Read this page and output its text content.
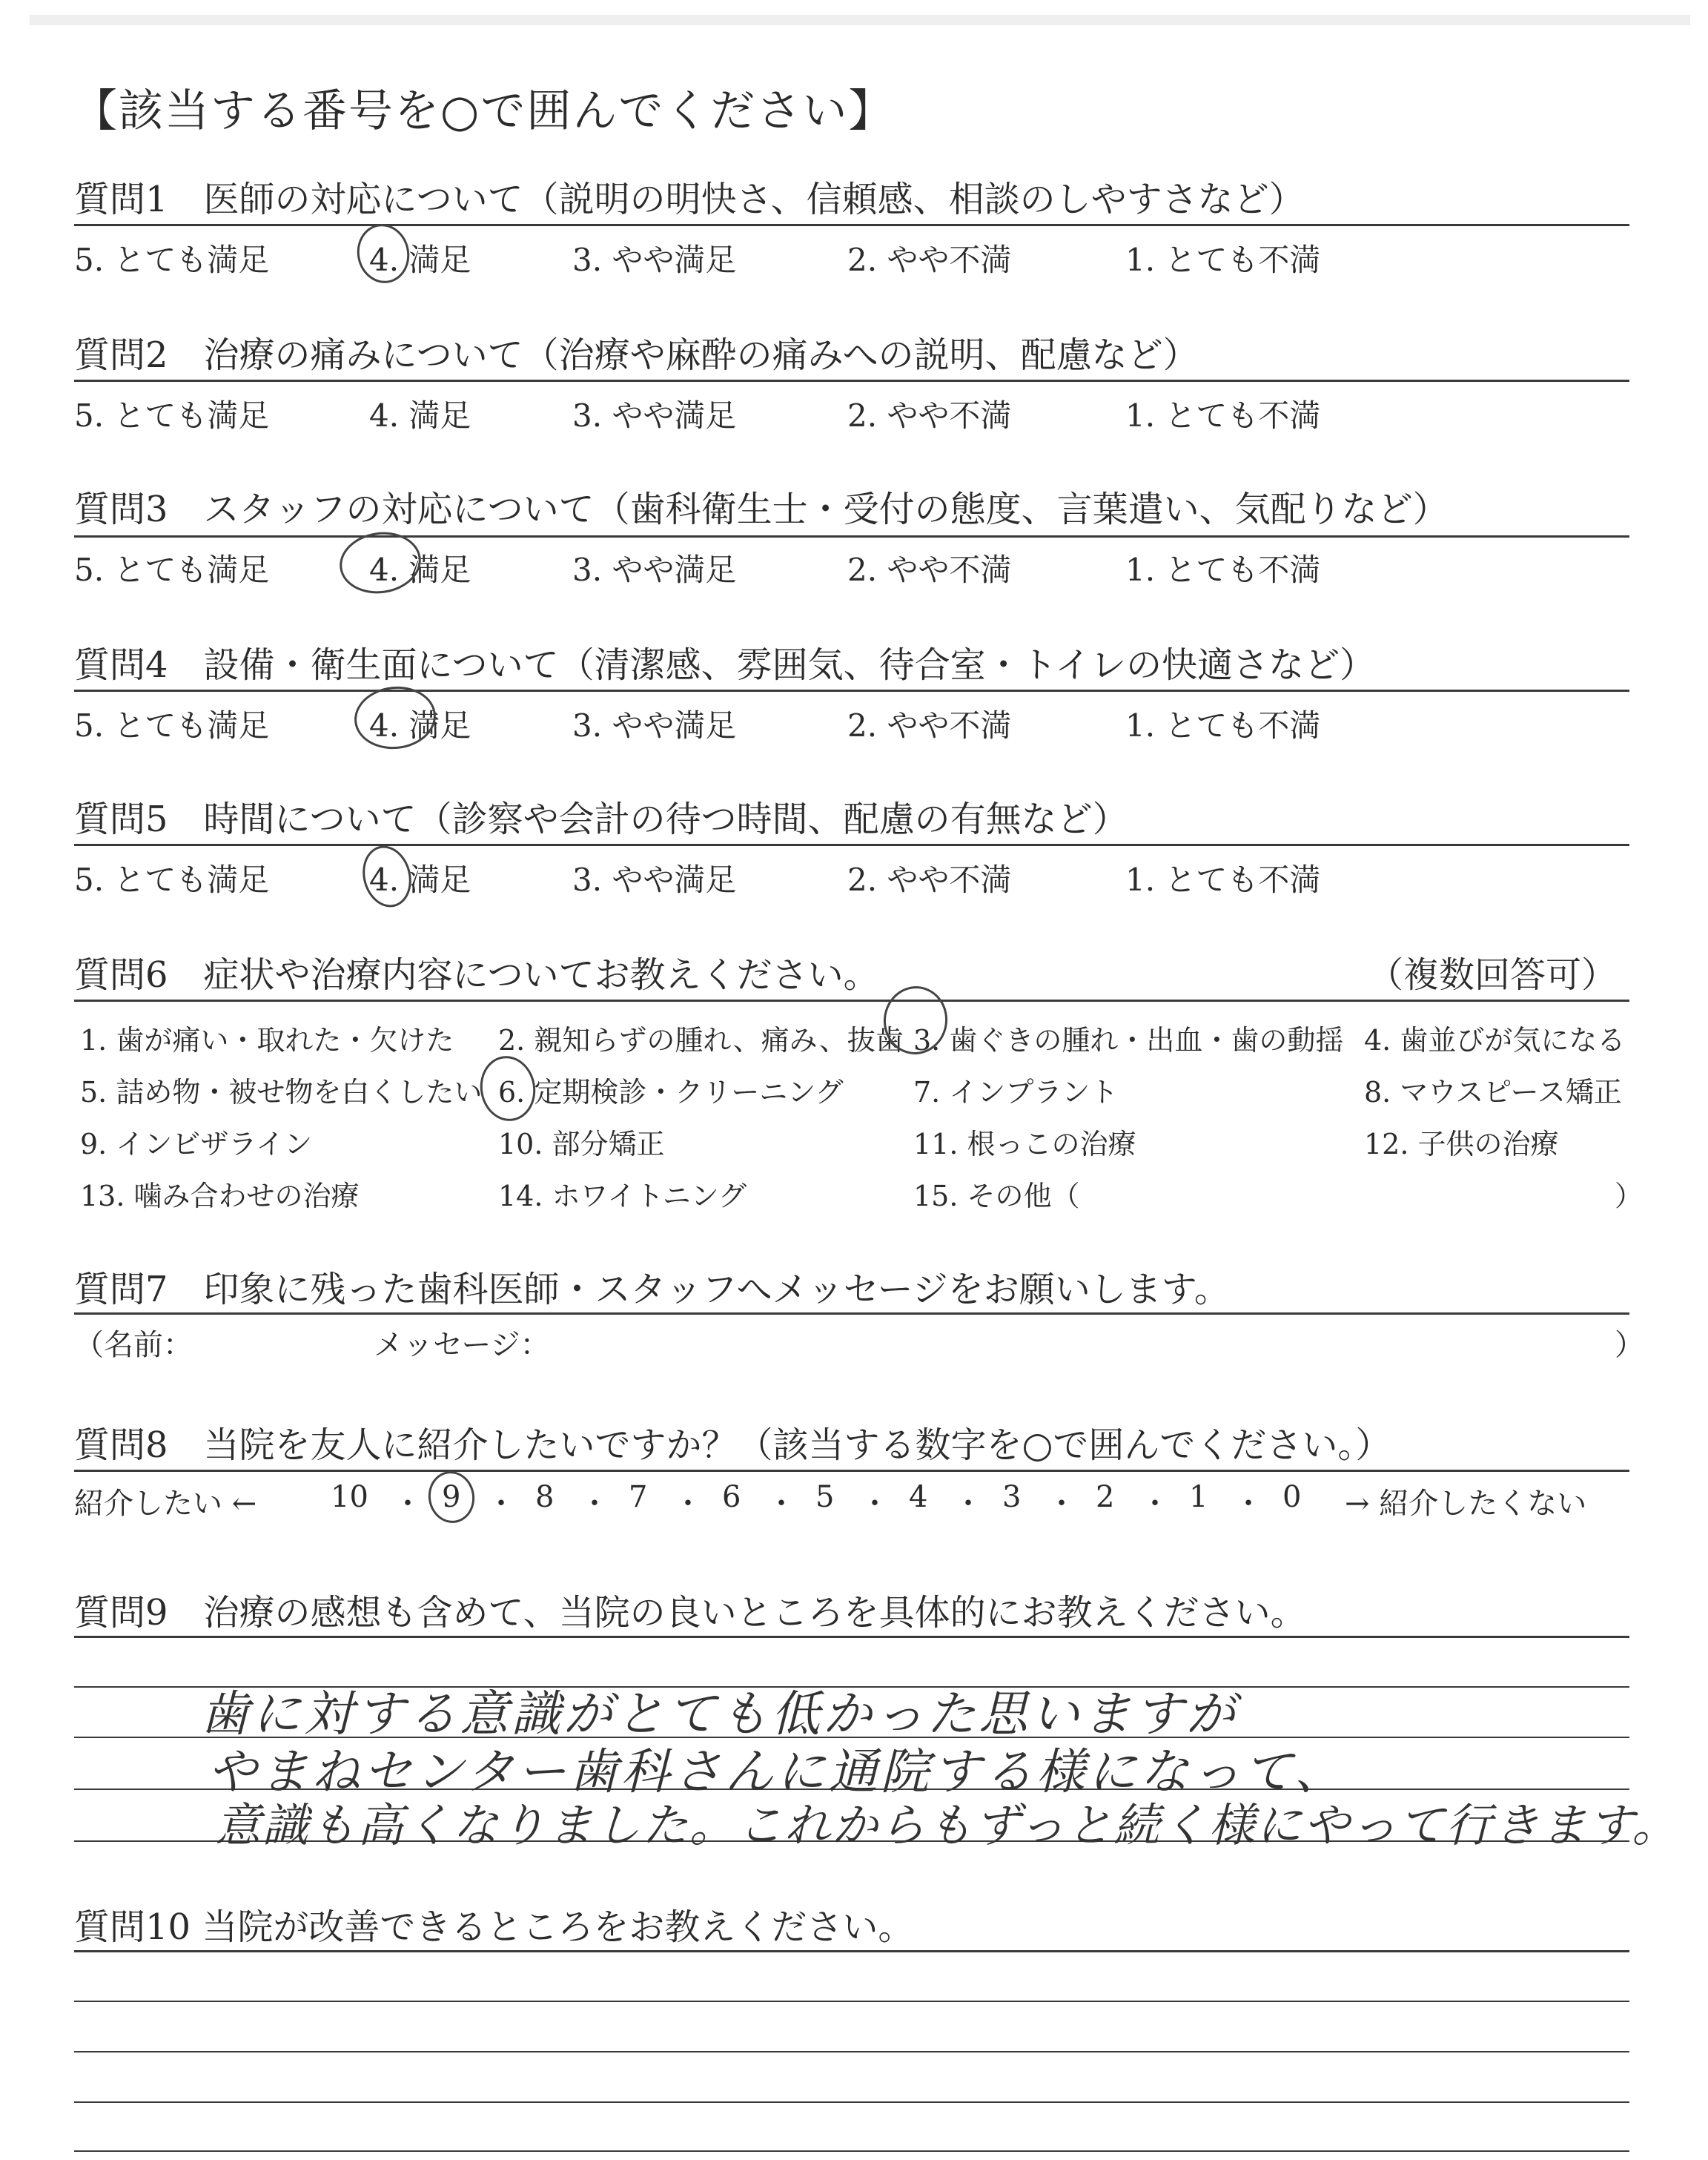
【該当する番号を○で囲んでください】
質問1　医師の対応について（説明の明快さ、信頼感、相談のしやすさなど）
5. とても満足	4. 満足	3. やや満足	2. やや不満	1. とても不満
質問2　治療の痛みについて（治療や麻酔の痛みへの説明、配慮など）
5. とても満足	4. 満足	3. やや満足	2. やや不満	1. とても不満
質問3　スタッフの対応について（歯科衛生士・受付の態度、言葉遣い、気配りなど）
5. とても満足	4. 満足	3. やや満足	2. やや不満	1. とても不満
質問4　設備・衛生面について（清潔感、雰囲気、待合室・トイレの快適さなど）
5. とても満足	4. 満足	3. やや満足	2. やや不満	1. とても不満
質問5　時間について（診察や会計の待つ時間、配慮の有無など）
5. とても満足	4. 満足	3. やや満足	2. やや不満	1. とても不満
質問6　症状や治療内容についてお教えください。	（複数回答可）
1. 歯が痛い・取れた・欠けた 2. 親知らずの腫れ、痛み、抜歯 3. 歯ぐきの腫れ・出血・歯の動揺 4. 歯並びが気になる
5. 詰め物・被せ物を白くしたい 6. 定期検診・クリーニング 7. インプラント	8. マウスピース矯正
9. インビザライン	10. 部分矯正	11. 根っこの治療	12. 子供の治療
13. 噛み合わせの治療	14. ホワイトニング	15. その他（	）
質問7　印象に残った歯科医師・スタッフへメッセージをお願いします。
（名前：	メッセージ：	）
質問8　当院を友人に紹介したいですか？（該当する数字を○で囲んでください。）
紹介したい ← 10 ・ 9 ・ 8 ・ 7 ・ 6 ・ 5 ・ 4 ・ 3 ・ 2 ・ 1 ・ 0 → 紹介したくない
質問9　治療の感想も含めて、当院の良いところを具体的にお教えください。
歯に対する意識がとても低かった思いますが
やまねセンター歯科さんに通院する様になって、
意識も高くなりました。これからもずっと続く様にやって行きます。
質問10 当院が改善できるところをお教えください。
